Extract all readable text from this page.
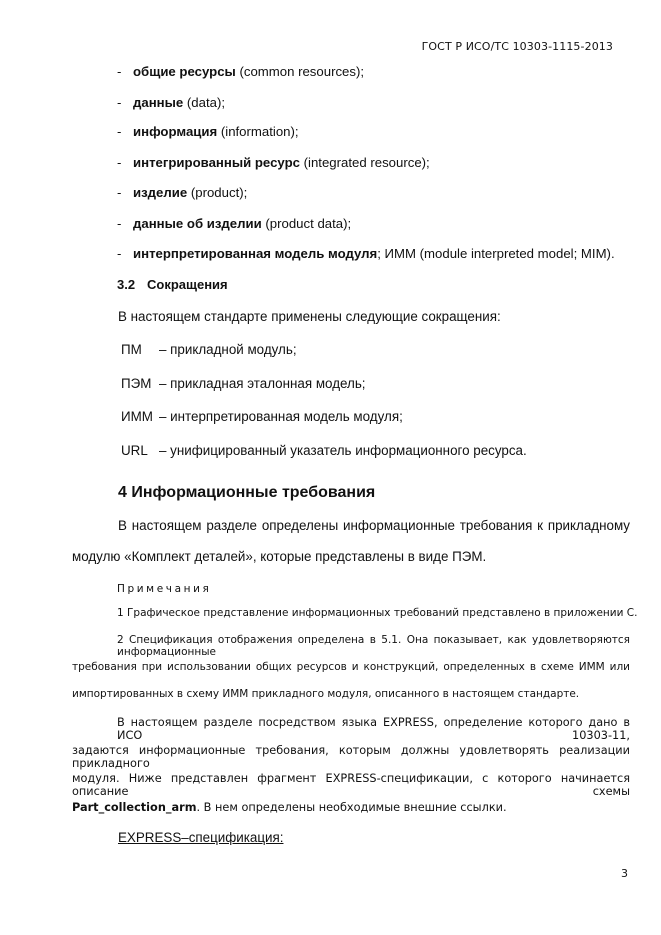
ГОСТ Р ИСО/ТС 10303-1115-2013
- общие ресурсы (common resources);
- данные (data);
- информация (information);
- интегрированный ресурс (integrated resource);
- изделие (product);
- данные об изделии (product data);
- интерпретированная модель модуля; ИММ (module interpreted model; MIM).
3.2 Сокращения
В настоящем стандарте применены следующие сокращения:
ПМ – прикладной модуль;
ПЭМ – прикладная эталонная модель;
ИММ – интерпретированная модель модуля;
URL – унифицированный указатель информационного ресурса.
4 Информационные требования
В настоящем разделе определены информационные требования к прикладному
модулю «Комплект деталей», которые представлены в виде ПЭМ.
Примечания
1 Графическое представление информационных требований представлено в приложении С.
2 Спецификация отображения определена в 5.1. Она показывает, как удовлетворяются информационные
требования при использовании общих ресурсов и конструкций, определенных в схеме ИММ или
импортированных в схему ИММ прикладного модуля, описанного в настоящем стандарте.
В настоящем разделе посредством языка EXPRESS, определение которого дано в ИСО 10303-11,
задаются информационные требования, которым должны удовлетворять реализации прикладного
модуля. Ниже представлен фрагмент EXPRESS-спецификации, с которого начинается описание схемы
Part_collection_arm. В нем определены необходимые внешние ссылки.
EXPRESS–спецификация:
3
